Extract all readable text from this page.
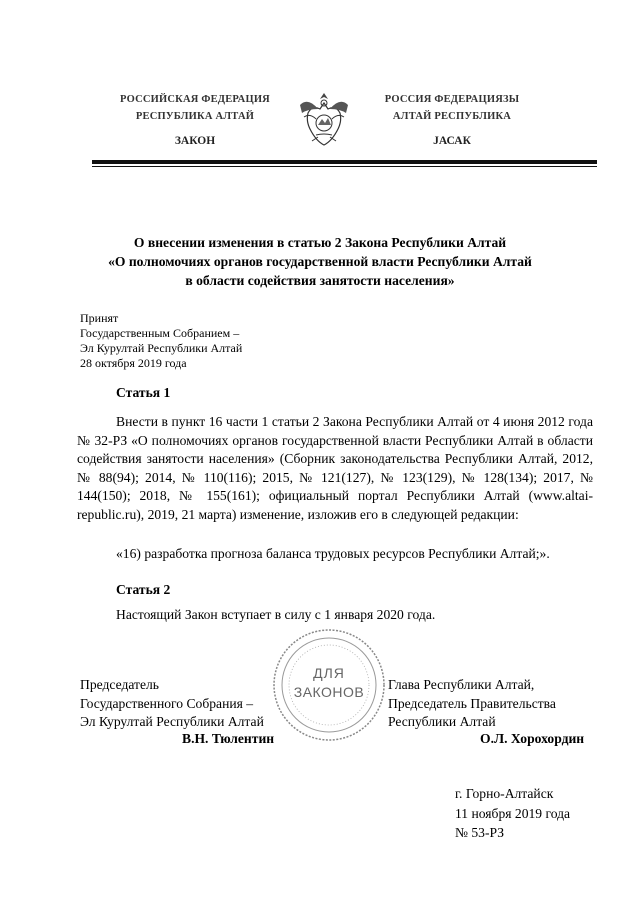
РОССИЙСКАЯ ФЕДЕРАЦИЯ
РЕСПУБЛИКА АЛТАЙ
ЗАКОН
РОССИЯ ФЕДЕРАЦИЯЗЫ
АЛТАЙ РЕСПУБЛИКА
JАСАК
О внесении изменения в статью 2 Закона Республики Алтай
«О полномочиях органов государственной власти Республики Алтай
в области содействия занятости населения»
Принят
Государственным Собранием –
Эл Курултай Республики Алтай
28 октября 2019 года
Статья 1
Внести в пункт 16 части 1 статьи 2 Закона Республики Алтай от 4 июня 2012 года № 32-РЗ «О полномочиях органов государственной власти Республики Алтай в области содействия занятости населения» (Сборник законодательства Республики Алтай, 2012, № 88(94); 2014, № 110(116); 2015, № 121(127), № 123(129), № 128(134); 2017, № 144(150); 2018, № 155(161); официальный портал Республики Алтай (www.altai-republic.ru), 2019, 21 марта) изменение, изложив его в следующей редакции:
«16) разработка прогноза баланса трудовых ресурсов Республики Алтай;».
Статья 2
Настоящий Закон вступает в силу с 1 января 2020 года.
ДЛЯ
ЗАКОНОВ
Председатель
Государственного Собрания –
Эл Курултай Республики Алтай
В.Н. Тюлентин
Глава Республики Алтай,
Председатель Правительства
Республики Алтай
О.Л. Хорохордин
г. Горно-Алтайск
11 ноября 2019 года
№ 53-РЗ
